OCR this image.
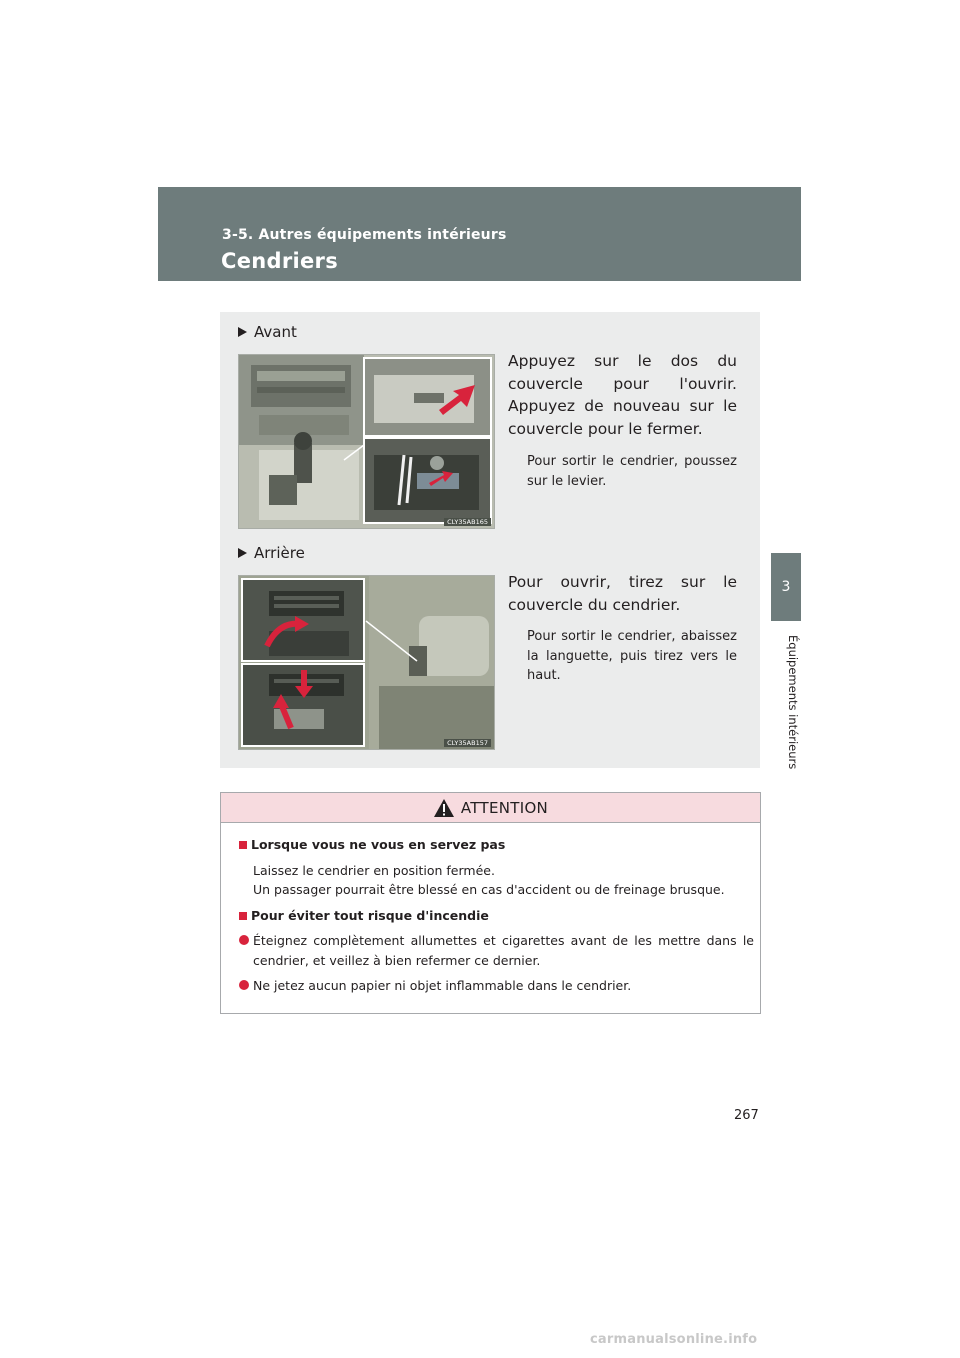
3-5. Autres équipements intérieurs
Cendriers
3
Équipements intérieurs
Avant
CLY35AB165
Appuyez sur le dos du couvercle pour l'ouvrir. Appuyez de nouveau sur le couvercle pour le fermer.
Pour sortir le cendrier, poussez sur le levier.
Arrière
CLY35AB157
Pour ouvrir, tirez sur le couvercle du cendrier.
Pour sortir le cendrier, abaissez la languette, puis tirez vers le haut.
ATTENTION
Lorsque vous ne vous en servez pas
Laissez le cendrier en position fermée.
Un passager pourrait être blessé en cas d'accident ou de freinage brusque.
Pour éviter tout risque d'incendie
Éteignez complètement allumettes et cigarettes avant de les mettre dans le cendrier, et veillez à bien refermer ce dernier.
Ne jetez aucun papier ni objet inflammable dans le cendrier.
267
carmanualsonline.info
